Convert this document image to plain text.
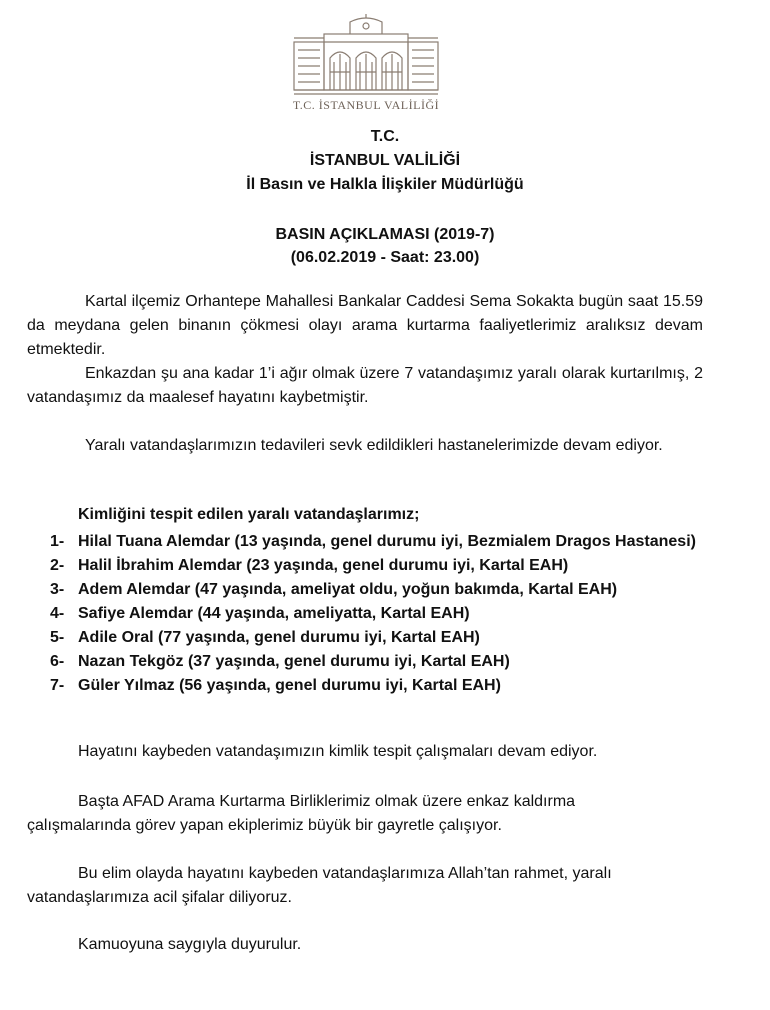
T.C. İSTANBUL VALİLİĞİ
T.C.
İSTANBUL VALİLİĞİ
İl Basın ve Halkla İlişkiler Müdürlüğü
BASIN AÇIKLAMASI (2019-7)
(06.02.2019 - Saat: 23.00)
Kartal ilçemiz Orhantepe Mahallesi Bankalar Caddesi Sema Sokakta bugün saat 15.59 da meydana gelen binanın çökmesi olayı arama kurtarma faaliyetlerimiz aralıksız devam etmektedir.
Enkazdan şu ana kadar 1’i ağır olmak üzere 7 vatandaşımız yaralı olarak kurtarılmış, 2 vatandaşımız da maalesef hayatını kaybetmiştir.
Yaralı vatandaşlarımızın tedavileri sevk edildikleri hastanelerimizde devam ediyor.
Kimliğini tespit edilen yaralı vatandaşlarımız;
1- Hilal Tuana Alemdar (13 yaşında, genel durumu iyi, Bezmialem Dragos Hastanesi)
2- Halil İbrahim Alemdar (23 yaşında, genel durumu iyi, Kartal EAH)
3- Adem Alemdar (47 yaşında, ameliyat oldu, yoğun bakımda, Kartal EAH)
4- Safiye Alemdar (44 yaşında, ameliyatta, Kartal EAH)
5- Adile Oral (77 yaşında, genel durumu iyi, Kartal EAH)
6- Nazan Tekgöz (37 yaşında, genel durumu iyi, Kartal EAH)
7- Güler Yılmaz (56 yaşında, genel durumu iyi, Kartal EAH)
Hayatını kaybeden vatandaşımızın kimlik tespit çalışmaları devam ediyor.
Başta AFAD Arama Kurtarma Birliklerimiz olmak üzere enkaz kaldırma
çalışmalarında görev yapan ekiplerimiz büyük bir gayretle çalışıyor.
Bu elim olayda hayatını kaybeden vatandaşlarımıza Allah’tan rahmet, yaralı
vatandaşlarımıza acil şifalar diliyoruz.
Kamuoyuna saygıyla duyurulur.
